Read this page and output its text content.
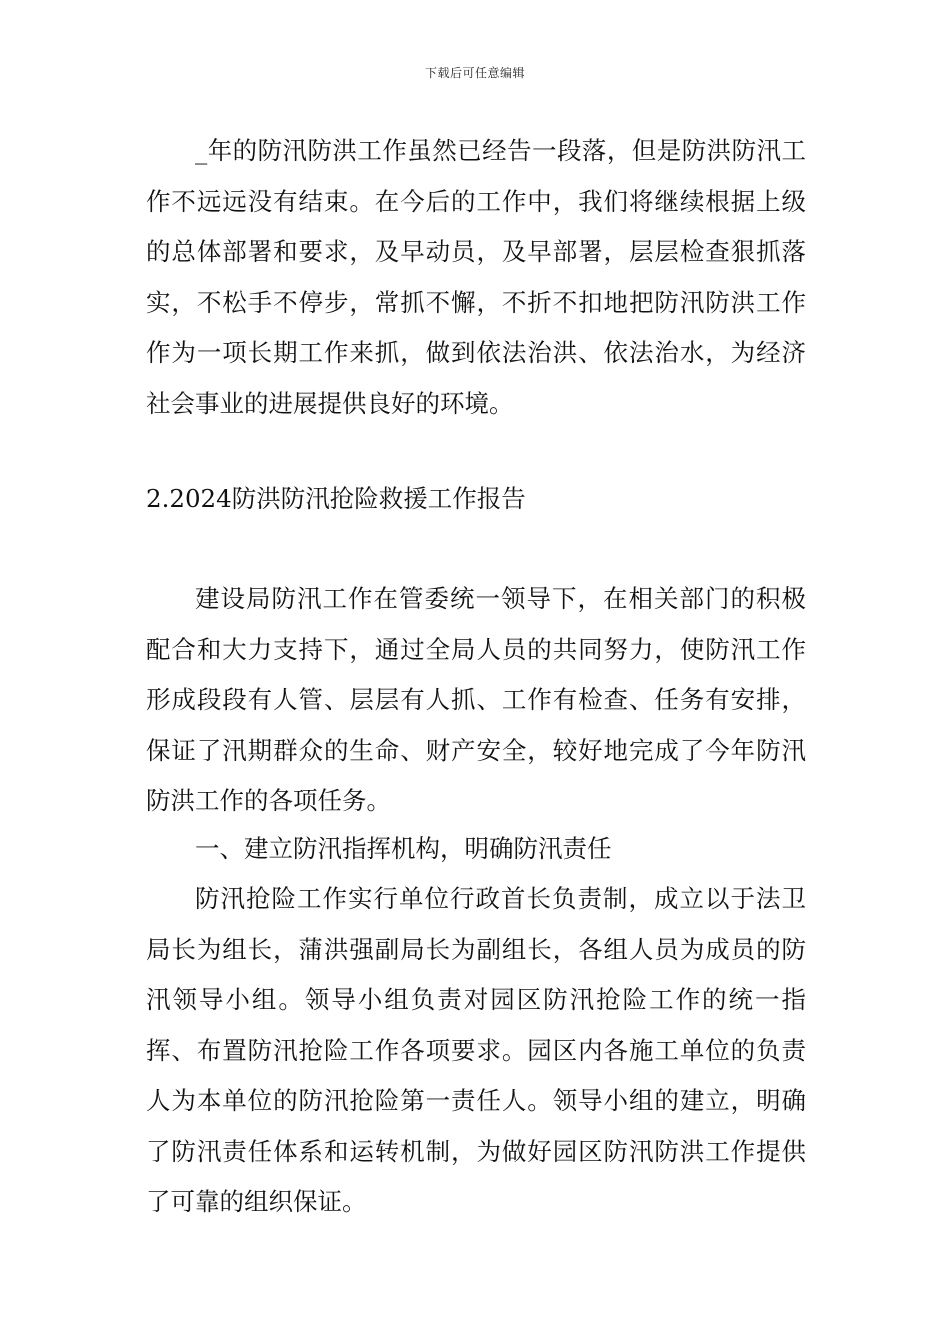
下载后可任意编辑

_年的防汛防洪工作虽然已经告一段落，但是防洪防汛工作不远远没有结束。在今后的工作中，我们将继续根据上级的总体部署和要求，及早动员，及早部署，层层检查狠抓落实，不松手不停步，常抓不懈，不折不扣地把防汛防洪工作作为一项长期工作来抓，做到依法治洪、依法治水，为经济社会事业的进展提供良好的环境。

2.2024防洪防汛抢险救援工作报告

建设局防汛工作在管委统一领导下，在相关部门的积极配合和大力支持下，通过全局人员的共同努力，使防汛工作形成段段有人管、层层有人抓、工作有检查、任务有安排，保证了汛期群众的生命、财产安全，较好地完成了今年防汛防洪工作的各项任务。

一、建立防汛指挥机构，明确防汛责任

防汛抢险工作实行单位行政首长负责制，成立以于法卫局长为组长，蒲洪强副局长为副组长，各组人员为成员的防汛领导小组。领导小组负责对园区防汛抢险工作的统一指挥、布置防汛抢险工作各项要求。园区内各施工单位的负责人为本单位的防汛抢险第一责任人。领导小组的建立，明确了防汛责任体系和运转机制，为做好园区防汛防洪工作提供了可靠的组织保证。
